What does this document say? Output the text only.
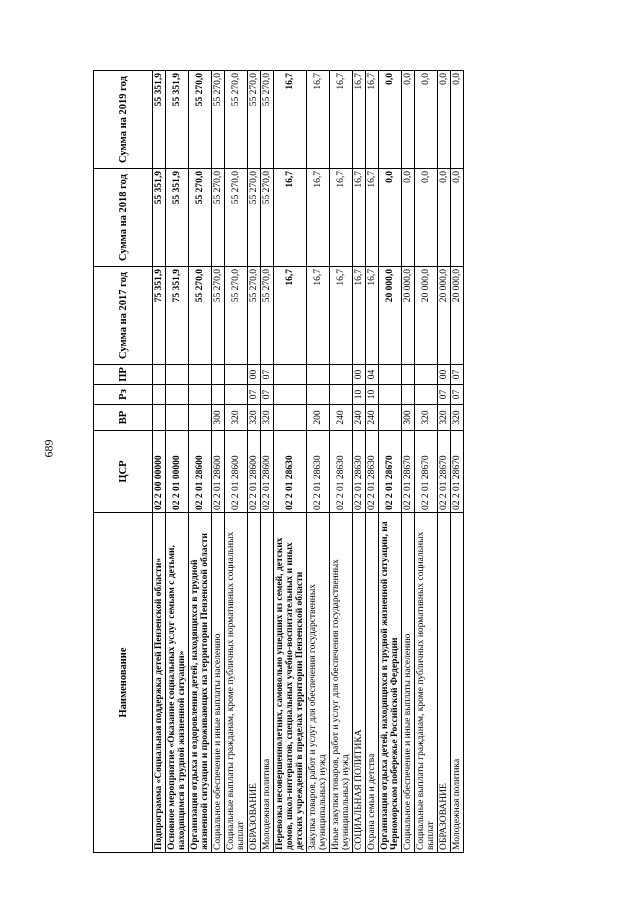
689
Наименование	ЦСР	ВР	Рз	ПР	Сумма на 2017 год	Сумма на 2018 год	Сумма на 2019 год
Подпрограмма «Социальная поддержка детей Пензенской области»	02 2 00 00000				75 351,9	55 351,9	55 351,9
Основное мероприятие «Оказание социальных услуг семьям с детьми, находящимся в трудной жизненной ситуации»	02 2 01 00000				75 351,9	55 351,9	55 351,9
Организация отдыха и оздоровления детей, находящихся в трудной жизненной ситуации и проживающих на территории Пензенской области	02 2 01 28600				55 270,0	55 270,0	55 270,0
Социальное обеспечение и иные выплаты населению	02 2 01 28600	300			55 270,0	55 270,0	55 270,0
Социальные выплаты гражданам, кроме публичных нормативных социальных выплат	02 2 01 28600	320			55 270,0	55 270,0	55 270,0
ОБРАЗОВАНИЕ	02 2 01 28600	320	07	00	55 270,0	55 270,0	55 270,0
Молодежная политика	02 2 01 28600	320	07	07	55 270,0	55 270,0	55 270,0
Перевозка несовершеннолетних, самовольно ушедших из семей, детских домов, школ-интернатов, специальных учебно-воспитательных и иных детских учреждений в пределах территории Пензенской области	02 2 01 28630				16,7	16,7	16,7
Закупка товаров, работ и услуг для обеспечения государственных (муниципальных) нужд	02 2 01 28630	200			16,7	16,7	16,7
Иные закупки товаров, работ и услуг для обеспечения государственных (муниципальных) нужд	02 2 01 28630	240			16,7	16,7	16,7
СОЦИАЛЬНАЯ ПОЛИТИКА	02 2 01 28630	240	10	00	16,7	16,7	16,7
Охрана семьи и детства	02 2 01 28630	240	10	04	16,7	16,7	16,7
Организация отдыха детей, находящихся в трудной жизненной ситуации, на Черноморском побережье Российской Федерации	02 2 01 28670				20 000,0	0,0	0,0
Социальное обеспечение и иные выплаты населению	02 2 01 28670	300			20 000,0	0,0	0,0
Социальные выплаты гражданам, кроме публичных нормативных социальных выплат	02 2 01 28670	320			20 000,0	0,0	0,0
ОБРАЗОВАНИЕ	02 2 01 28670	320	07	00	20 000,0	0,0	0,0
Молодежная политика	02 2 01 28670	320	07	07	20 000,0	0,0	0,0
